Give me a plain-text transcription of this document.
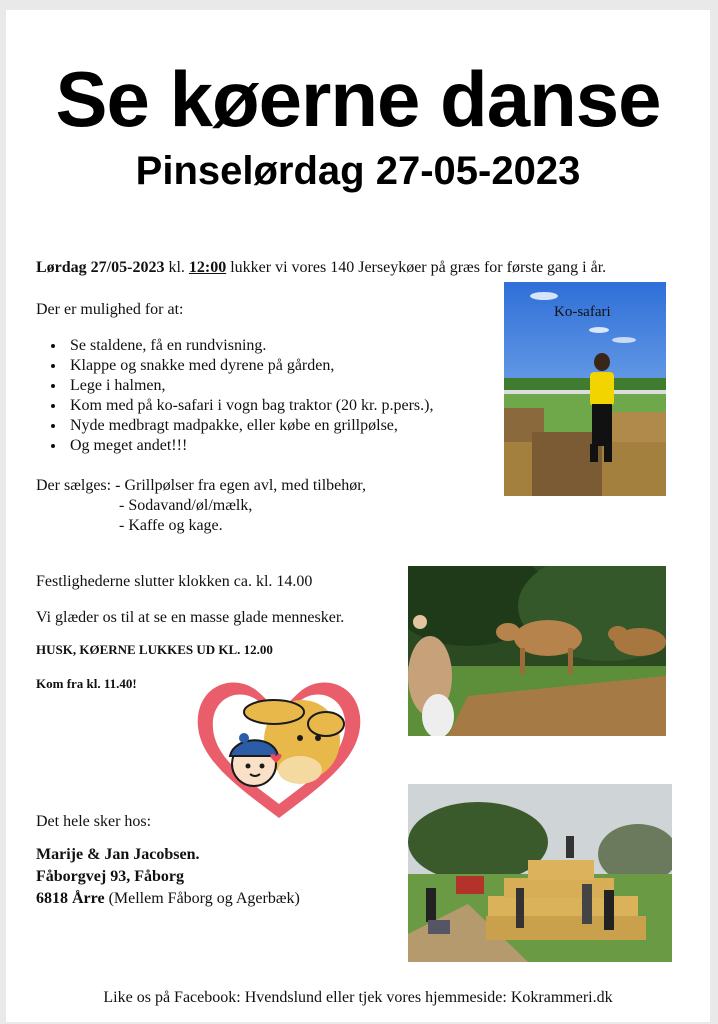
Se køerne danse
Pinselørdag 27-05-2023
Lørdag 27/05-2023 kl. 12:00 lukker vi vores 140 Jerseykøer på græs for første gang i år.
Der er mulighed for at:
• Se staldene, få en rundvisning.
• Klappe og snakke med dyrene på gården,
• Lege i halmen,
• Kom med på ko-safari i vogn bag traktor (20 kr. p.pers.),
• Nyde medbragt madpakke, eller købe en grillpølse,
• Og meget andet!!!
Der sælges: - Grillpølser fra egen avl, med tilbehør,
- Sodavand/øl/mælk,
- Kaffe og kage.
Festlighederne slutter klokken ca. kl. 14.00
Vi glæder os til at se en masse glade mennesker.
HUSK, KØERNE LUKKES UD KL. 12.00
Kom fra kl. 11.40!
Det hele sker hos:
Marije & Jan Jacobsen.
Fåborgvej 93, Fåborg
6818 Årre (Mellem Fåborg og Agerbæk)
Like os på Facebook: Hvendslund eller tjek vores hjemmeside: Kokrammeri.dk
Ko-safari
